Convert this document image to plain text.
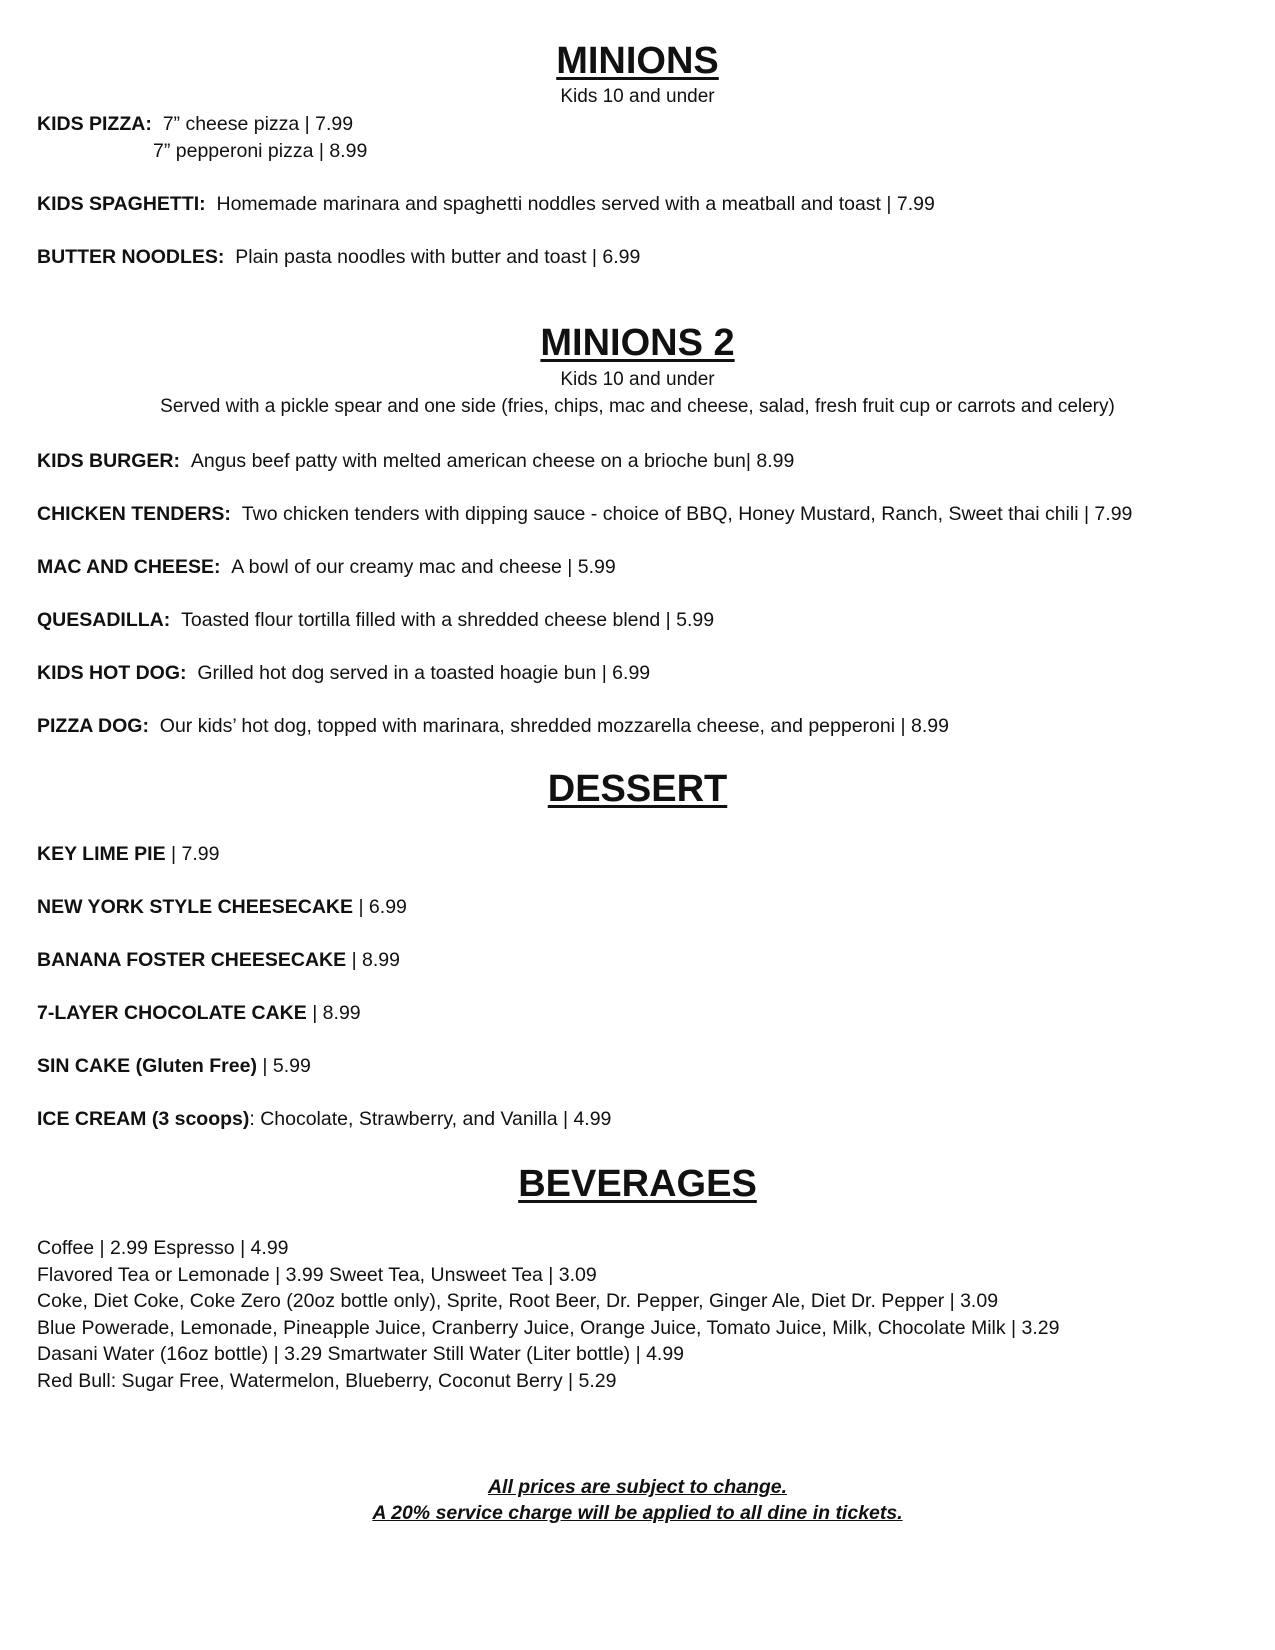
MINIONS
Kids 10 and under
KIDS PIZZA: 7” cheese pizza | 7.99
7” pepperoni pizza | 8.99
KIDS SPAGHETTI: Homemade marinara and spaghetti noddles served with a meatball and toast | 7.99
BUTTER NOODLES: Plain pasta noodles with butter and toast | 6.99
MINIONS 2
Kids 10 and under
Served with a pickle spear and one side (fries, chips, mac and cheese, salad, fresh fruit cup or carrots and celery)
KIDS BURGER: Angus beef patty with melted american cheese on a brioche bun| 8.99
CHICKEN TENDERS: Two chicken tenders with dipping sauce - choice of BBQ, Honey Mustard, Ranch, Sweet thai chili | 7.99
MAC AND CHEESE: A bowl of our creamy mac and cheese | 5.99
QUESADILLA: Toasted flour tortilla filled with a shredded cheese blend | 5.99
KIDS HOT DOG: Grilled hot dog served in a toasted hoagie bun | 6.99
PIZZA DOG: Our kids’ hot dog, topped with marinara, shredded mozzarella cheese, and pepperoni | 8.99
DESSERT
KEY LIME PIE | 7.99
NEW YORK STYLE CHEESECAKE | 6.99
BANANA FOSTER CHEESECAKE | 8.99
7-LAYER CHOCOLATE CAKE | 8.99
SIN CAKE (Gluten Free) | 5.99
ICE CREAM (3 scoops): Chocolate, Strawberry, and Vanilla | 4.99
BEVERAGES
Coffee | 2.99 Espresso | 4.99
Flavored Tea or Lemonade | 3.99 Sweet Tea, Unsweet Tea | 3.09
Coke, Diet Coke, Coke Zero (20oz bottle only), Sprite, Root Beer, Dr. Pepper, Ginger Ale, Diet Dr. Pepper | 3.09
Blue Powerade, Lemonade, Pineapple Juice, Cranberry Juice, Orange Juice, Tomato Juice, Milk, Chocolate Milk | 3.29
Dasani Water (16oz bottle) | 3.29 Smartwater Still Water (Liter bottle) | 4.99
Red Bull: Sugar Free, Watermelon, Blueberry, Coconut Berry | 5.29
All prices are subject to change.
A 20% service charge will be applied to all dine in tickets.
